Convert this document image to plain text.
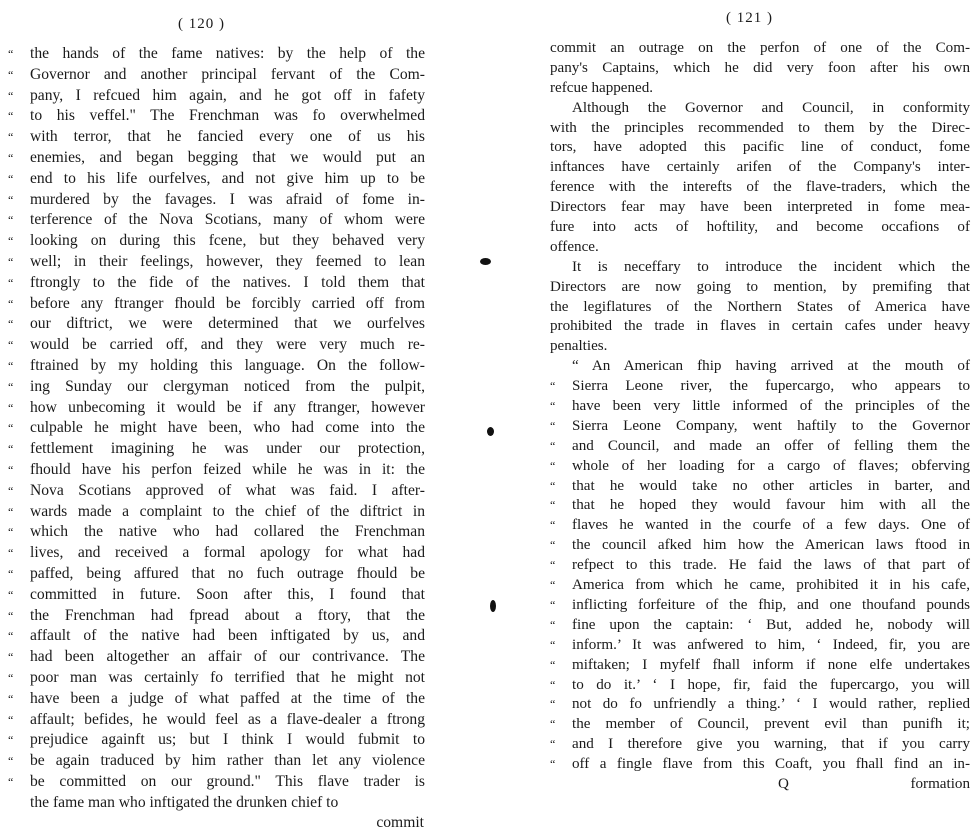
( 120 )	( 121 )
“ the hands of the fame natives: by the help of the
“ Governor and another principal fervant of the Com-
“ pany, I refcued him again, and he got off in fafety
“ to his veffel." The Frenchman was fo overwhelmed
“ with terror, that he fancied every one of us his
“ enemies, and began begging that we would put an
“ end to his life ourfelves, and not give him up to be
“ murdered by the favages. I was afraid of fome in-
“ terference of the Nova Scotians, many of whom were
“ looking on during this fcene, but they behaved very
“ well; in their feelings, however, they feemed to lean
“ ftrongly to the fide of the natives. I told them that
“ before any ftranger fhould be forcibly carried off from
“ our diftrict, we were determined that we ourfelves
“ would be carried off, and they were very much re-
“ ftrained by my holding this language. On the follow-
“ ing Sunday our clergyman noticed from the pulpit,
“ how unbecoming it would be if any ftranger, however
“ culpable he might have been, who had come into the
“ fettlement imagining he was under our protection,
“ fhould have his perfon feized while he was in it: the
“ Nova Scotians approved of what was faid. I after-
“ wards made a complaint to the chief of the diftrict in
“ which the native who had collared the Frenchman
“ lives, and received a formal apology for what had
“ paffed, being affured that no fuch outrage fhould be
“ committed in future. Soon after this, I found that
“ the Frenchman had fpread about a ftory, that the
“ affault of the native had been inftigated by us, and
“ had been altogether an affair of our contrivance. The
“ poor man was certainly fo terrified that he might not
“ have been a judge of what paffed at the time of the
“ affault; befides, he would feel as a flave-dealer a ftrong
“ prejudice againft us; but I think I would fubmit to
“ be again traduced by him rather than let any violence
“ be committed on our ground." This flave trader is
the fame man who inftigated the drunken chief to
commit
commit an outrage on the perfon of one of the Com-
pany's Captains, which he did very foon after his own
refcue happened.
Although the Governor and Council, in conformity
with the principles recommended to them by the Direc-
tors, have adopted this pacific line of conduct, fome
inftances have certainly arifen of the Company's inter-
ference with the interefts of the flave-traders, which the
Directors fear may have been interpreted in fome mea-
fure into acts of hoftility, and become occafions of
offence.
It is neceffary to introduce the incident which the
Directors are now going to mention, by premifing that
the legiflatures of the Northern States of America have
prohibited the trade in flaves in certain cafes under heavy
penalties.
“ An American fhip having arrived at the mouth of
“ Sierra Leone river, the fupercargo, who appears to
“ have been very little informed of the principles of the
“ Sierra Leone Company, went haftily to the Governor
“ and Council, and made an offer of felling them the
“ whole of her loading for a cargo of flaves; obferving
“ that he would take no other articles in barter, and
“ that he hoped they would favour him with all the
“ flaves he wanted in the courfe of a few days. One of
“ the council afked him how the American laws ftood in
“ refpect to this trade. He faid the laws of that part of
“ America from which he came, prohibited it in his cafe,
“ inflicting forfeiture of the fhip, and one thoufand pounds
“ fine upon the captain: ‘ But, added he, nobody will
“ inform.’ It was anfwered to him, ‘ Indeed, fir, you are
“ miftaken; I myfelf fhall inform if none elfe undertakes
“ to do it.’ ‘ I hope, fir, faid the fupercargo, you will
“ not do fo unfriendly a thing.’ ‘ I would rather, replied
“ the member of Council, prevent evil than punifh it;
“ and I therefore give you warning, that if you carry
“ off a fingle flave from this Coaft, you fhall find an in-
Q	formation
